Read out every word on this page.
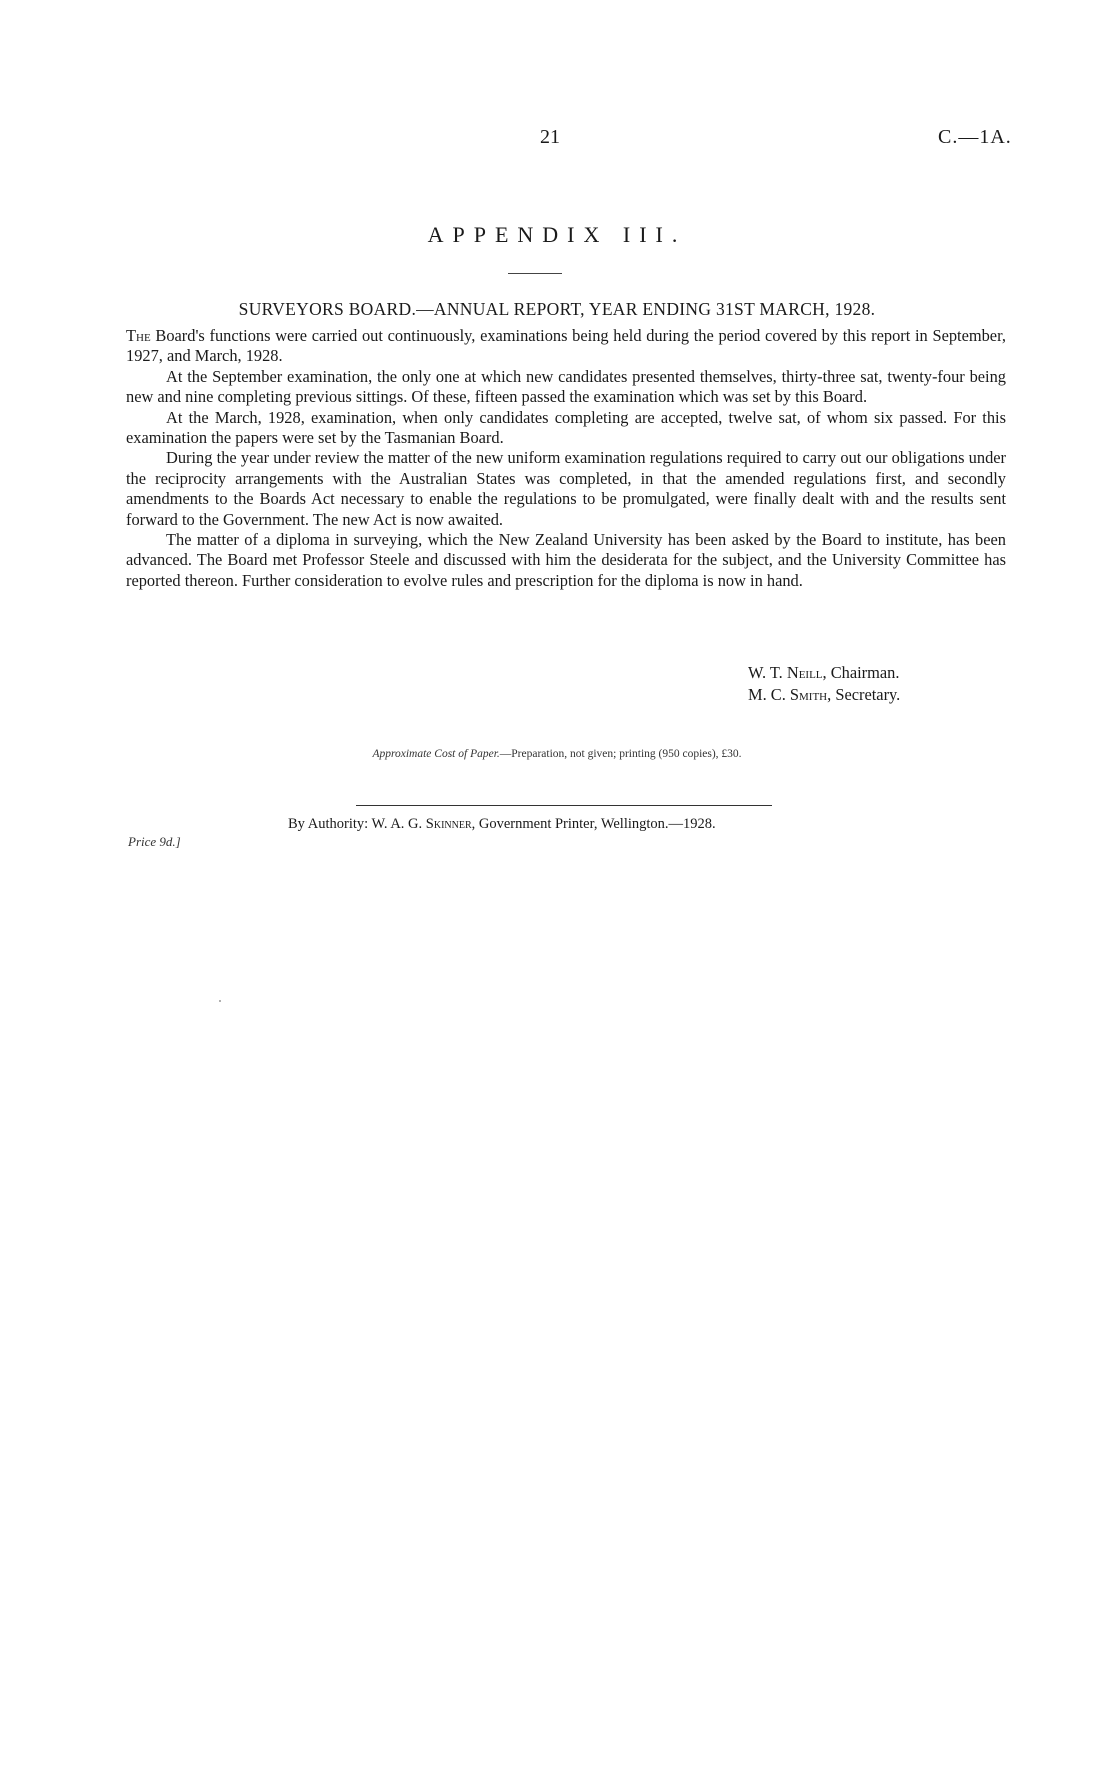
21	C.—1A.
APPENDIX III.
SURVEYORS BOARD.—ANNUAL REPORT, YEAR ENDING 31ST MARCH, 1928.

The Board's functions were carried out continuously, examinations being held during the period covered by this report in September, 1927, and March, 1928.

At the September examination, the only one at which new candidates presented themselves, thirty-three sat, twenty-four being new and nine completing previous sittings. Of these, fifteen passed the examination which was set by this Board.

At the March, 1928, examination, when only candidates completing are accepted, twelve sat, of whom six passed. For this examination the papers were set by the Tasmanian Board.

During the year under review the matter of the new uniform examination regulations required to carry out our obligations under the reciprocity arrangements with the Australian States was completed, in that the amended regulations first, and secondly amendments to the Boards Act necessary to enable the regulations to be promulgated, were finally dealt with and the results sent forward to the Government. The new Act is now awaited.

The matter of a diploma in surveying, which the New Zealand University has been asked by the Board to institute, has been advanced. The Board met Professor Steele and discussed with him the desiderata for the subject, and the University Committee has reported thereon. Further consideration to evolve rules and prescription for the diploma is now in hand.

W. T. Neill, Chairman.
M. C. Smith, Secretary.
Approximate Cost of Paper.—Preparation, not given; printing (950 copies), £30.
By Authority: W. A. G. Skinner, Government Printer, Wellington.—1928.
Price 9d.]
